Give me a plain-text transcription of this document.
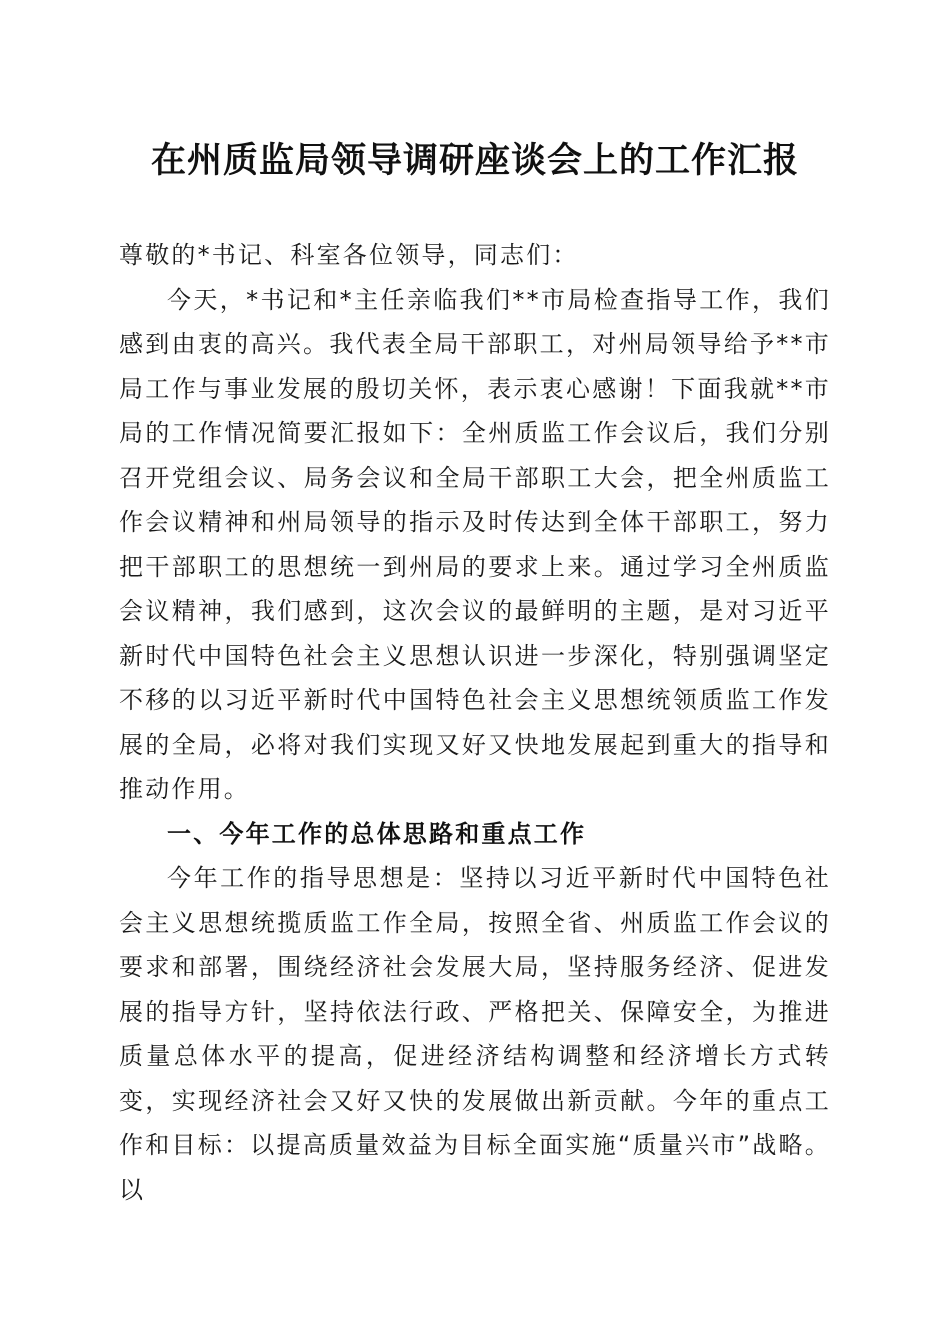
在州质监局领导调研座谈会上的工作汇报

尊敬的*书记、科室各位领导，同志们：

今天，*书记和*主任亲临我们**市局检查指导工作，我们感到由衷的高兴。我代表全局干部职工，对州局领导给予**市局工作与事业发展的殷切关怀，表示衷心感谢！下面我就**市局的工作情况简要汇报如下：全州质监工作会议后，我们分别召开党组会议、局务会议和全局干部职工大会，把全州质监工作会议精神和州局领导的指示及时传达到全体干部职工，努力把干部职工的思想统一到州局的要求上来。通过学习全州质监会议精神，我们感到，这次会议的最鲜明的主题，是对习近平新时代中国特色社会主义思想认识进一步深化，特别强调坚定不移的以习近平新时代中国特色社会主义思想统领质监工作发展的全局，必将对我们实现又好又快地发展起到重大的指导和推动作用。

一、今年工作的总体思路和重点工作

今年工作的指导思想是：坚持以习近平新时代中国特色社会主义思想统揽质监工作全局，按照全省、州质监工作会议的要求和部署，围绕经济社会发展大局，坚持服务经济、促进发展的指导方针，坚持依法行政、严格把关、保障安全，为推进质量总体水平的提高，促进经济结构调整和经济增长方式转变，实现经济社会又好又快的发展做出新贡献。今年的重点工作和目标：以提高质量效益为目标全面实施“质量兴市”战略。以
